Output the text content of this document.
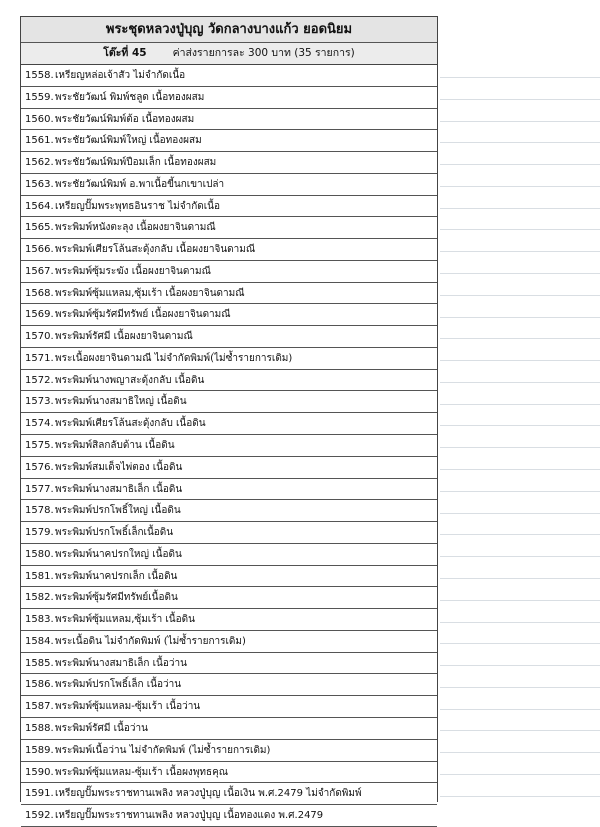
พระชุดหลวงปู่บุญ วัดกลางบางแก้ว ยอดนิยม
โต๊ะที่ 45 ค่าส่งรายการละ 300 บาท (35 รายการ)
1558.เหรียญหล่อเจ้าสัว ไม่จำกัดเนื้อ
1559.พระชัยวัฒน์ พิมพ์ชลูด เนื้อทองผสม
1560.พระชัยวัฒน์พิมพ์ต้อ เนื้อทองผสม
1561.พระชัยวัฒน์พิมพ์ใหญ่ เนื้อทองผสม
1562.พระชัยวัฒน์พิมพ์ปือมเล็ก เนื้อทองผสม
1563.พระชัยวัฒน์พิมพ์ อ.พาเนื้อขี้นกเขาเปล่า
1564.เหรียญปั๊มพระพุทธอินราช ไม่จำกัดเนื้อ
1565.พระพิมพ์หนังตะลุง เนื้อผงยาจินดามณี
1566.พระพิมพ์เศียรโล้นสะดุ้งกลับ เนื้อผงยาจินดามณี
1567.พระพิมพ์ซุ้มระฆัง เนื้อผงยาจินดามณี
1568.พระพิมพ์ซุ้มแหลม,ซุ้มเร้า เนื้อผงยาจินดามณี
1569.พระพิมพ์ซุ้มรัศมีทรัพย์ เนื้อผงยาจินดามณี
1570.พระพิมพ์รัศมี เนื้อผงยาจินดามณี
1571.พระเนื้อผงยาจินดามณี ไม่จำกัดพิมพ์(ไม่ซ้ำรายการเดิม)
1572.พระพิมพ์นางพญาสะดุ้งกลับ เนื้อดิน
1573.พระพิมพ์นางสมาธิใหญ่ เนื้อดิน
1574.พระพิมพ์เศียรโล้นสะดุ้งกลับ เนื้อดิน
1575.พระพิมพ์สิลกลับด้าน เนื้อดิน
1576.พระพิมพ์สมเด็จไพ่ตอง เนื้อดิน
1577.พระพิมพ์นางสมาธิเล็ก เนื้อดิน
1578.พระพิมพ์ปรกโพธิ์ใหญ่ เนื้อดิน
1579.พระพิมพ์ปรกโพธิ์เล็กเนื้อดิน
1580.พระพิมพ์นาคปรกใหญ่ เนื้อดิน
1581.พระพิมพ์นาคปรกเล็ก เนื้อดิน
1582.พระพิมพ์ซุ้มรัศมีทรัพย์เนื้อดิน
1583.พระพิมพ์ซุ้มแหลม,ซุ้มเร้า เนื้อดิน
1584.พระเนื้อดิน ไม่จำกัดพิมพ์ (ไม่ซ้ำรายการเดิม)
1585.พระพิมพ์นางสมาธิเล็ก เนื้อว่าน
1586.พระพิมพ์ปรกโพธิ์เล็ก เนื้อว่าน
1587.พระพิมพ์ซุ้มแหลม-ซุ้มเร้า เนื้อว่าน
1588.พระพิมพ์รัศมี เนื้อว่าน
1589.พระพิมพ์เนื้อว่าน ไม่จำกัดพิมพ์ (ไม่ซ้ำรายการเดิม)
1590.พระพิมพ์ซุ้มแหลม-ซุ้มเร้า เนื้อผงพุทธคุณ
1591.เหรียญปั๊มพระราชทานเพลิง หลวงปู่บุญ เนื้อเงิน พ.ศ.2479 ไม่จำกัดพิมพ์
1592.เหรียญปั๊มพระราชทานเพลิง หลวงปู่บุญ เนื้อทองแดง พ.ศ.2479
